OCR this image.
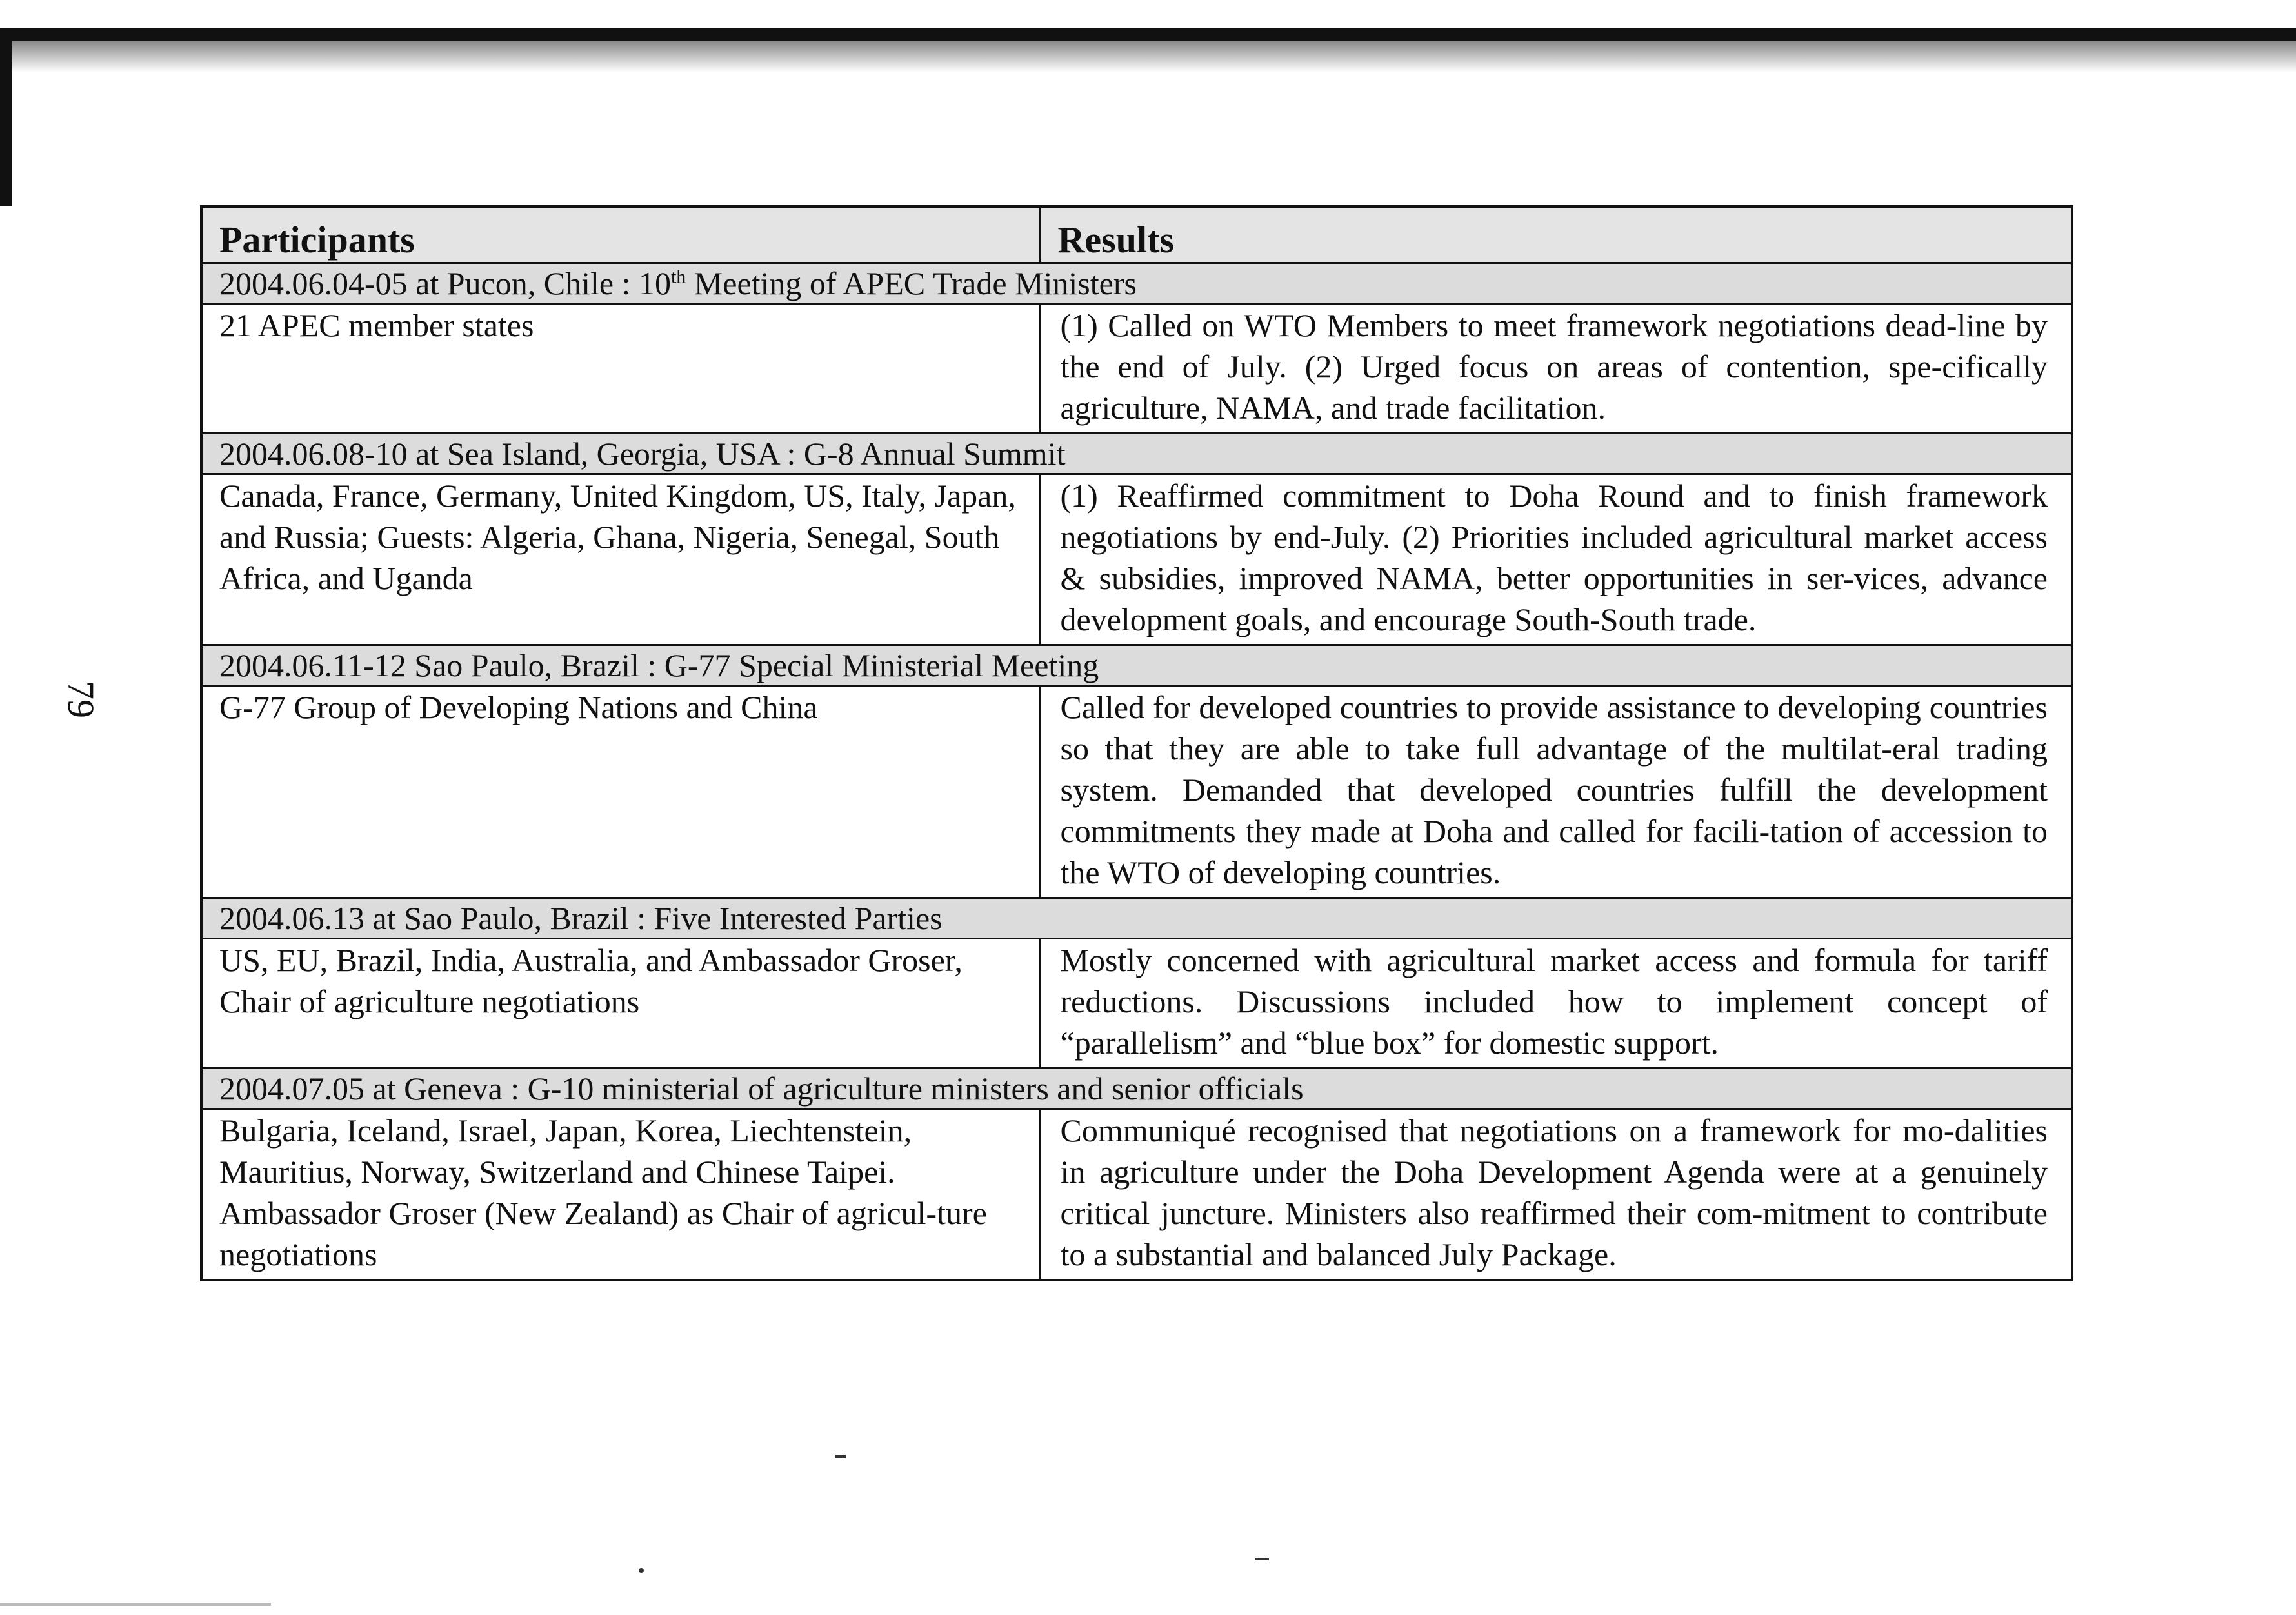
79
Participants	Results
2004.06.04-05 at Pucon, Chile : 10th Meeting of APEC Trade Ministers	
21 APEC member states	(1) Called on WTO Members to meet framework negotiations dead-line by the end of July. (2) Urged focus on areas of contention, spe-cifically agriculture, NAMA, and trade facilitation.
2004.06.08-10 at Sea Island, Georgia, USA : G-8 Annual Summit	
Canada, France, Germany, United Kingdom, US, Italy, Japan, and Russia; Guests: Algeria, Ghana, Nigeria, Senegal, South Africa, and Uganda	(1) Reaffirmed commitment to Doha Round and to finish framework negotiations by end-July. (2) Priorities included agricultural market access & subsidies, improved NAMA, better opportunities in ser-vices, advance development goals, and encourage South-South trade.
2004.06.11-12 Sao Paulo, Brazil : G-77 Special Ministerial Meeting	
G-77 Group of Developing Nations and China	Called for developed countries to provide assistance to developing countries so that they are able to take full advantage of the multilat-eral trading system. Demanded that developed countries fulfill the development commitments they made at Doha and called for facili-tation of accession to the WTO of developing countries.
2004.06.13 at Sao Paulo, Brazil : Five Interested Parties	
US, EU, Brazil, India, Australia, and Ambassador Groser, Chair of agriculture negotiations	Mostly concerned with agricultural market access and formula for tariff reductions. Discussions included how to implement concept of “parallelism” and “blue box” for domestic support.
2004.07.05 at Geneva : G-10 ministerial of agriculture ministers and senior officials	
Bulgaria, Iceland, Israel, Japan, Korea, Liechtenstein, Mauritius, Norway, Switzerland and Chinese Taipei. Ambassador Groser (New Zealand) as Chair of agricul-ture negotiations	Communiqué recognised that negotiations on a framework for mo-dalities in agriculture under the Doha Development Agenda were at a genuinely critical juncture. Ministers also reaffirmed their com-mitment to contribute to a substantial and balanced July Package.
